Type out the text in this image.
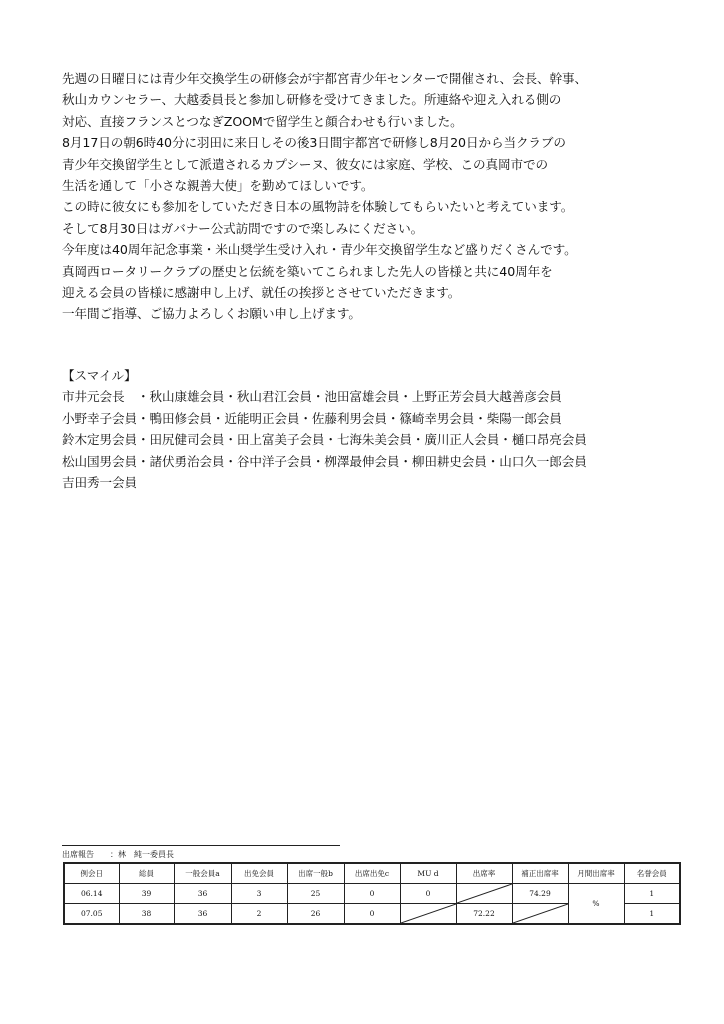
先週の日曜日には青少年交換学生の研修会が宇都宮青少年センターで開催され、会長、幹事、
秋山カウンセラー、大越委員長と参加し研修を受けてきました。所連絡や迎え入れる側の
対応、直接フランスとつなぎZOOMで留学生と顔合わせも行いました。
8月17日の朝6時40分に羽田に来日しその後3日間宇都宮で研修し8月20日から当クラブの
青少年交換留学生として派遣されるカプシーヌ、彼女には家庭、学校、この真岡市での
生活を通して「小さな親善大使」を勤めてほしいです。
この時に彼女にも参加をしていただき日本の風物詩を体験してもらいたいと考えています。
そして8月30日はガバナー公式訪問ですので楽しみにください。
今年度は40周年記念事業・米山奨学生受け入れ・青少年交換留学生など盛りだくさんです。
真岡西ロータリークラブの歴史と伝統を築いてこられました先人の皆様と共に40周年を
迎える会員の皆様に感謝申し上げ、就任の挨拶とさせていただきます。
一年間ご指導、ご協力よろしくお願い申し上げます。
【スマイル】
市井元会長　・秋山康雄会員・秋山君江会員・池田富雄会員・上野正芳会員大越善彦会員
小野幸子会員・鴨田修会員・近能明正会員・佐藤利男会員・篠崎幸男会員・柴陽一郎会員
鈴木定男会員・田尻健司会員・田上富美子会員・七海朱美会員・廣川正人会員・樋口昂亮会員
松山国男会員・諸伏勇治会員・谷中洋子会員・栁澤最伸会員・柳田耕史会員・山口久一郎会員
吉田秀一会員
出席報告　　：林　純一委員長
例会日	総員	一般会員a	出免会員	出席一般b	出席出免c	MU d	出席率	補正出席率	月間出席率	名誉会員
06.14	39	36	3	25	0	0		74.29	%	1
07.05	38	36	2	26	0		72.22			1
